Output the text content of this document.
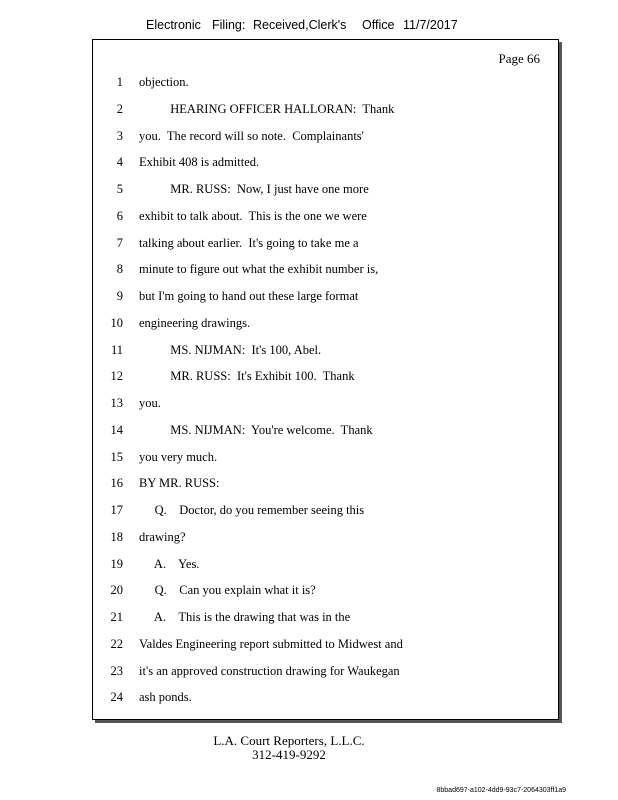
Electronic Filing: Received,Clerk's Office 11/7/2017
Page 66
1 objection.
2 HEARING OFFICER HALLORAN:  Thank
3 you.  The record will so note.  Complainants'
4 Exhibit 408 is admitted.
5 MR. RUSS:  Now, I just have one more
6 exhibit to talk about.  This is the one we were
7 talking about earlier.  It's going to take me a
8 minute to figure out what the exhibit number is,
9 but I'm going to hand out these large format
10 engineering drawings.
11 MS. NIJMAN:  It's 100, Abel.
12 MR. RUSS:  It's Exhibit 100.  Thank
13 you.
14 MS. NIJMAN:  You're welcome.  Thank
15 you very much.
16 BY MR. RUSS:
17 Q.    Doctor, do you remember seeing this
18 drawing?
19 A.    Yes.
20 Q.    Can you explain what it is?
21 A.    This is the drawing that was in the
22 Valdes Engineering report submitted to Midwest and
23 it's an approved construction drawing for Waukegan
24 ash ponds.
L.A. Court Reporters, L.L.C.
312-419-9292
8bbad697-a102-4dd9-93c7-2064303ff1a9
